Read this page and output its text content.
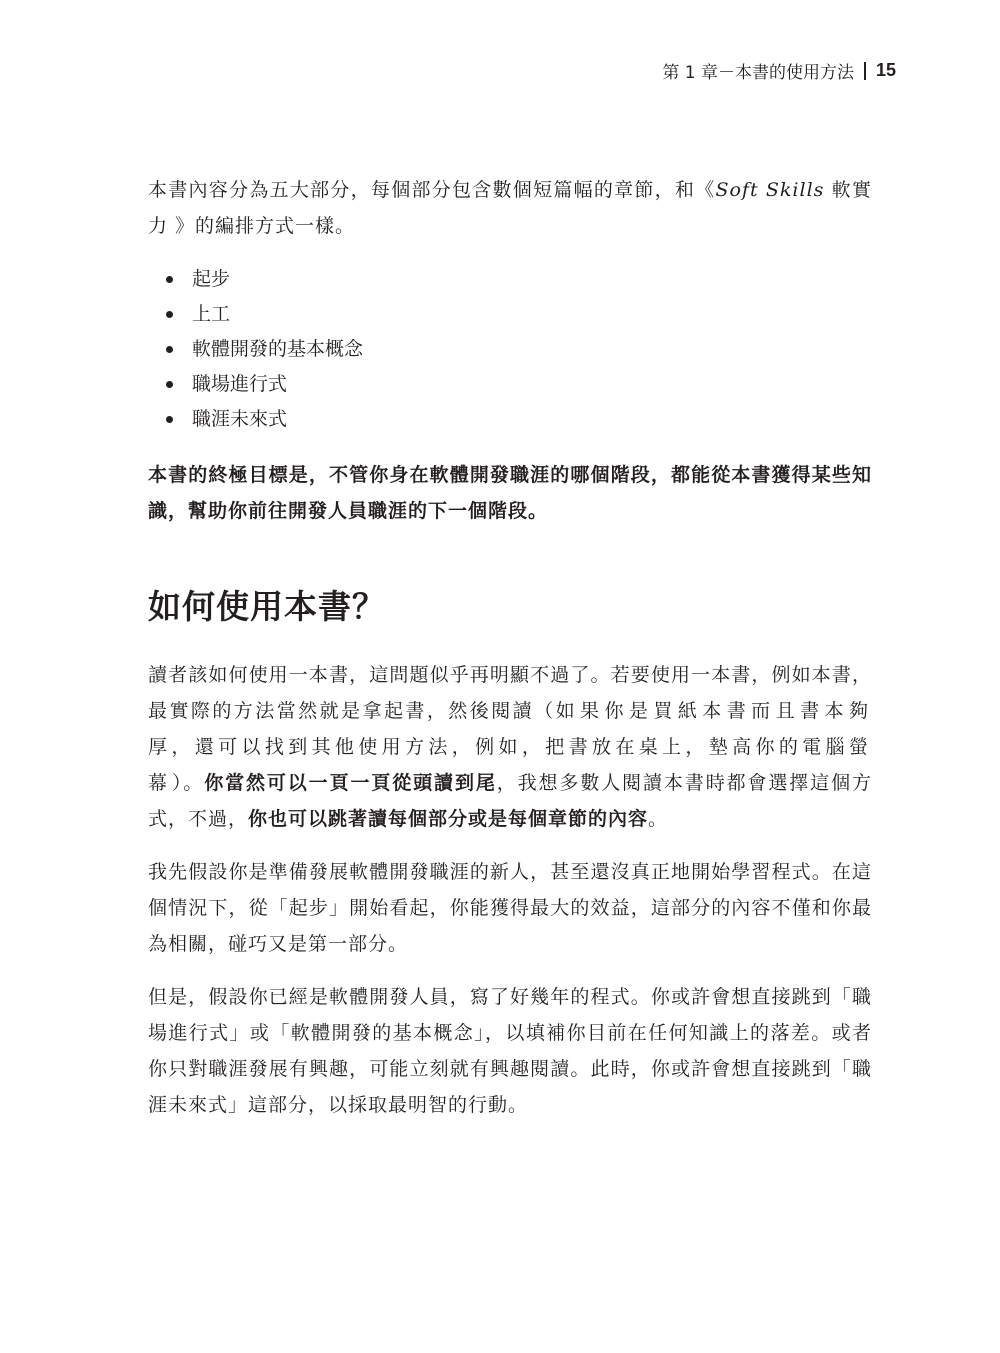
第 1 章－本書的使用方法 15

本書內容分為五大部分，每個部分包含數個短篇幅的章節，和《Soft Skills 軟實力 》的編排方式一樣。

起步
上工
軟體開發的基本概念
職場進行式
職涯未來式

本書的終極目標是，不管你身在軟體開發職涯的哪個階段，都能從本書獲得某些知識，幫助你前往開發人員職涯的下一個階段。

如何使用本書？

讀者該如何使用一本書，這問題似乎再明顯不過了。若要使用一本書，例如本書，最實際的方法當然就是拿起書，然後閱讀（如果你是買紙本書而且書本夠厚，還可以找到其他使用方法，例如，把書放在桌上，墊高你的電腦螢幕）。你當然可以一頁一頁從頭讀到尾，我想多數人閱讀本書時都會選擇這個方式，不過，你也可以跳著讀每個部分或是每個章節的內容。

我先假設你是準備發展軟體開發職涯的新人，甚至還沒真正地開始學習程式。在這個情況下，從「起步」開始看起，你能獲得最大的效益，這部分的內容不僅和你最為相關，碰巧又是第一部分。

但是，假設你已經是軟體開發人員，寫了好幾年的程式。你或許會想直接跳到「職場進行式」或「軟體開發的基本概念」，以填補你目前在任何知識上的落差。或者你只對職涯發展有興趣，可能立刻就有興趣閱讀。此時，你或許會想直接跳到「職涯未來式」這部分，以採取最明智的行動。
